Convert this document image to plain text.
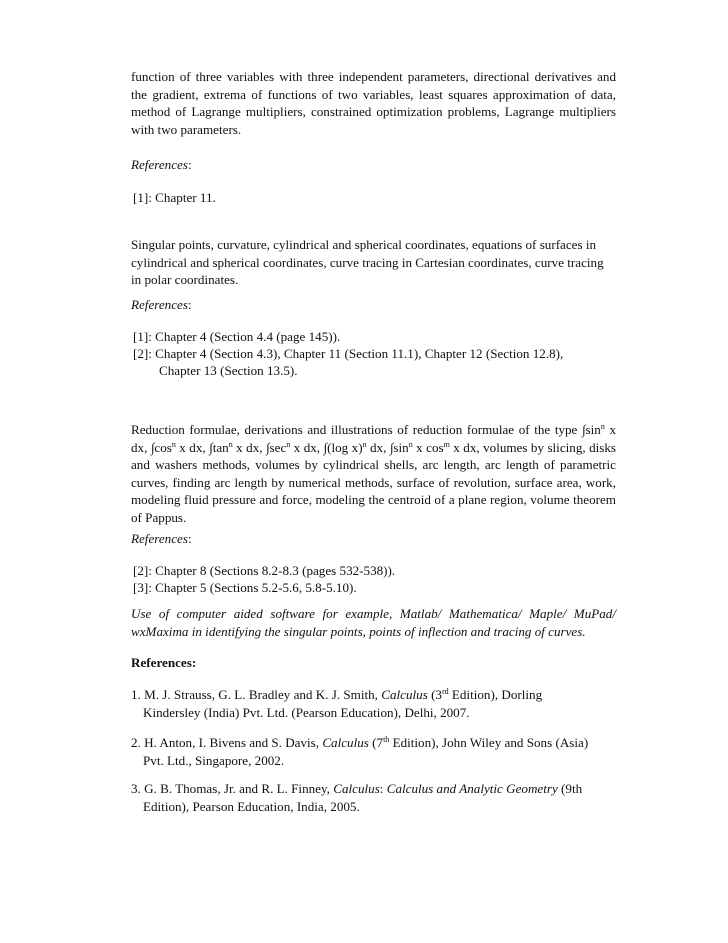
function of three variables with three independent parameters, directional derivatives and the gradient, extrema of functions of two variables, least squares approximation of data, method of Lagrange multipliers, constrained optimization problems, Lagrange multipliers with two parameters.

References:

[1]: Chapter 11.

Singular points, curvature, cylindrical and spherical coordinates, equations of surfaces in cylindrical and spherical coordinates, curve tracing in Cartesian coordinates, curve tracing in polar coordinates.

References:

[1]: Chapter 4 (Section 4.4 (page 145)).

[2]: Chapter 4 (Section 4.3), Chapter 11 (Section 11.1), Chapter 12 (Section 12.8),

Chapter 13 (Section 13.5).

Reduction formulae, derivations and illustrations of reduction formulae of the type $\int\sin^n$ x dx, $\int\cos^n$ x dx, $\int\tan^n$ x dx, $\int\sec^n$ x dx, ∫(log x)$^n$ dx, $\int\sin^n$ x $\cos^m x$ dx, volumes by slicing, disks and washers methods, volumes by cylindrical shells, arc length, arc length of parametric curves, finding arc length by numerical methods, surface of revolution, surface area, work, modeling fluid pressure and force, modeling the centroid of a plane region, volume theorem of Pappus.

References:

[2]: Chapter 8 (Sections 8.2-8.3 (pages 532-538)).

[3]: Chapter 5 (Sections 5.2-5.6, 5.8-5.10).

Use of computer aided software for example, Matlab/ Mathematica/ Maple/ MuPad/ wxMaxima in identifying the singular points, points of inflection and tracing of curves.

References:

1. M. J. Strauss, G. L. Bradley and K. J. Smith, Calculus (3rd Edition), Dorling Kindersley (India) Pvt. Ltd. (Pearson Education), Delhi, 2007.

2. H. Anton, I. Bivens and S. Davis, Calculus (7th Edition), John Wiley and Sons (Asia) Pvt. Ltd., Singapore, 2002.

3. G. B. Thomas, Jr. and R. L. Finney, Calculus: Calculus and Analytic Geometry (9th Edition), Pearson Education, India, 2005.
